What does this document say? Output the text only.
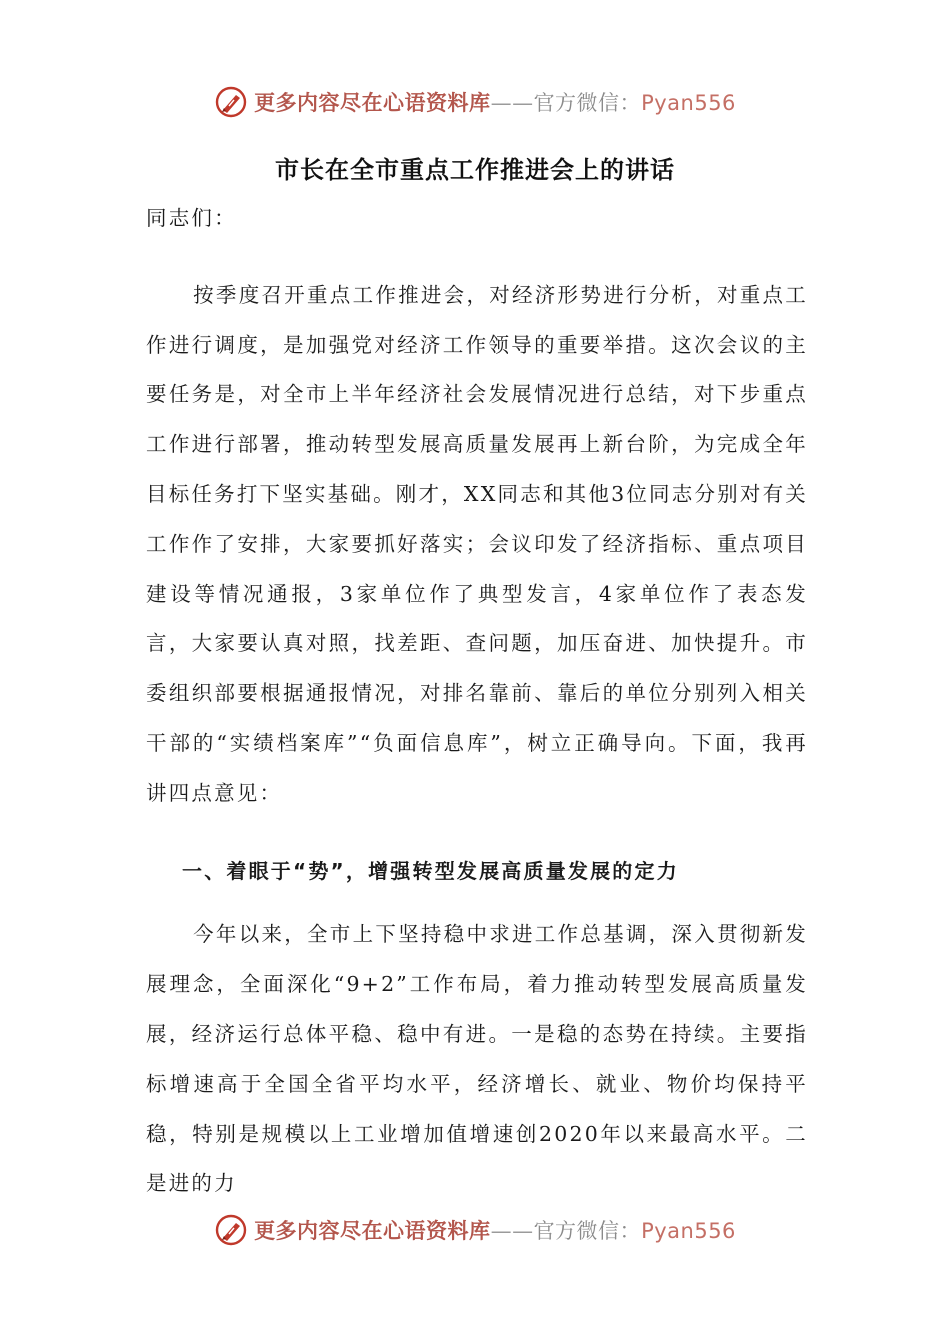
更多内容尽在心语资料库——官方微信：Pyan556
市长在全市重点工作推进会上的讲话

同志们：

按季度召开重点工作推进会，对经济形势进行分析，对重点工作进行调度，是加强党对经济工作领导的重要举措。这次会议的主要任务是，对全市上半年经济社会发展情况进行总结，对下步重点工作进行部署，推动转型发展高质量发展再上新台阶，为完成全年目标任务打下坚实基础。刚才，XX同志和其他3位同志分别对有关工作作了安排，大家要抓好落实；会议印发了经济指标、重点项目建设等情况通报，3家单位作了典型发言，4家单位作了表态发言，大家要认真对照，找差距、查问题，加压奋进、加快提升。市委组织部要根据通报情况，对排名靠前、靠后的单位分别列入相关干部的“实绩档案库”“负面信息库”，树立正确导向。下面，我再讲四点意见：

一、着眼于“势”，增强转型发展高质量发展的定力

今年以来，全市上下坚持稳中求进工作总基调，深入贯彻新发展理念，全面深化“9+2”工作布局，着力推动转型发展高质量发展，经济运行总体平稳、稳中有进。一是稳的态势在持续。主要指标增速高于全国全省平均水平，经济增长、就业、物价均保持平稳，特别是规模以上工业增加值增速创2020年以来最高水平。二是进的力

更多内容尽在心语资料库——官方微信：Pyan556
